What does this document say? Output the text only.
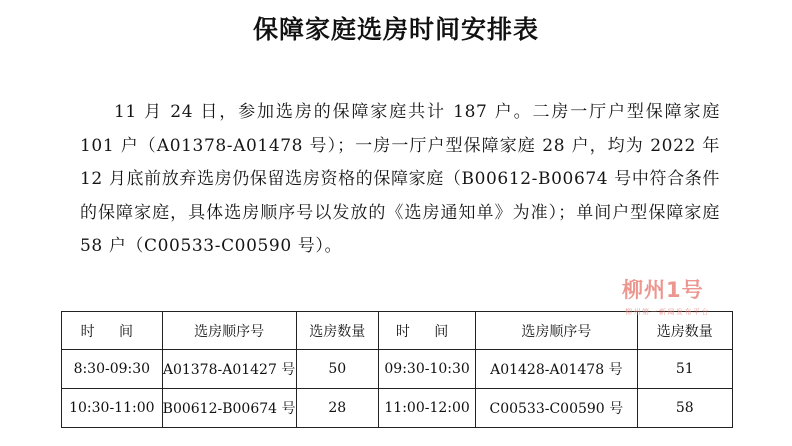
保障家庭选房时间安排表

11 月 24 日，参加选房的保障家庭共计 187 户。二房一厅户型保障家庭 101 户（A01378-A01478 号）；一房一厅户型保障家庭 28 户，均为 2022 年 12 月底前放弃选房仍保留选房资格的保障家庭（B00612-B00674 号中符合条件的保障家庭，具体选房顺序号以发放的《选房通知单》为准）；单间户型保障家庭 58 户（C00533-C00590 号）。

时 间	选房顺序号	选房数量	时 间	选房顺序号	选房数量
8:30-09:30	A01378-A01427 号	50	09:30-10:30	A01428-A01478 号	51
10:30-11:00	B00612-B00674 号	28	11:00-12:00	C00533-C00590 号	58
柳州1号
柳州第一新闻发布平台
